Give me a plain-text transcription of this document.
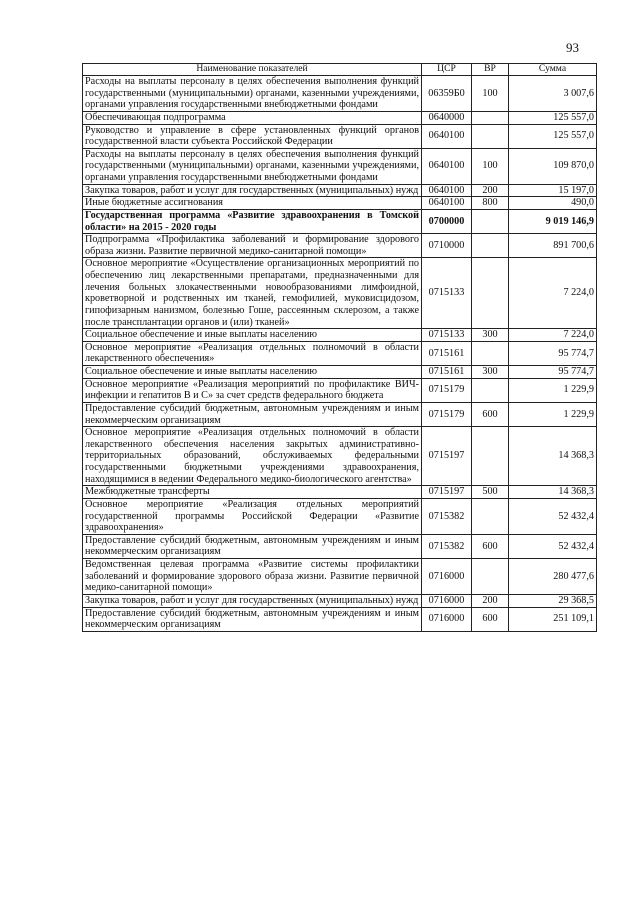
93
Наименование показателей	ЦСР	ВР	Сумма
Расходы на выплаты персоналу в целях обеспечения выполнения функций государственными (муниципальными) органами, казенными учреждениями, органами управления государственными внебюджетными фондами	06359Б0	100	3 007,6
Обеспечивающая подпрограмма	0640000		125 557,0
Руководство и управление в сфере установленных функций органов государственной власти субъекта Российской Федерации	0640100		125 557,0
Расходы на выплаты персоналу в целях обеспечения выполнения функций государственными (муниципальными) органами, казенными учреждениями, органами управления государственными внебюджетными фондами	0640100	100	109 870,0
Закупка товаров, работ и услуг для государственных (муниципальных) нужд	0640100	200	15 197,0
Иные бюджетные ассигнования	0640100	800	490,0
Государственная программа «Развитие здравоохранения в Томской области» на 2015 - 2020 годы	0700000		9 019 146,9
Подпрограмма «Профилактика заболеваний и формирование здорового образа жизни. Развитие первичной медико-санитарной помощи»	0710000		891 700,6
Основное мероприятие «Осуществление организационных мероприятий по обеспечению лиц лекарственными препаратами, предназначенными для лечения больных злокачественными новообразованиями лимфоидной, кроветворной и родственных им тканей, гемофилией, муковисцидозом, гипофизарным нанизмом, болезнью Гоше, рассеянным склерозом, а также после трансплантации органов и (или) тканей»	0715133		7 224,0
Социальное обеспечение и иные выплаты населению	0715133	300	7 224,0
Основное мероприятие «Реализация отдельных полномочий в области лекарственного обеспечения»	0715161		95 774,7
Социальное обеспечение и иные выплаты населению	0715161	300	95 774,7
Основное мероприятие «Реализация мероприятий по профилактике ВИЧ-инфекции и гепатитов В и С» за счет средств федерального бюджета	0715179		1 229,9
Предоставление субсидий бюджетным, автономным учреждениям и иным некоммерческим организациям	0715179	600	1 229,9
Основное мероприятие «Реализация отдельных полномочий в области лекарственного обеспечения населения закрытых административно-территориальных образований, обслуживаемых федеральными государственными бюджетными учреждениями здравоохранения, находящимися в ведении Федерального медико-биологического агентства»	0715197		14 368,3
Межбюджетные трансферты	0715197	500	14 368,3
Основное мероприятие «Реализация отдельных мероприятий государственной программы Российской Федерации «Развитие здравоохранения»	0715382		52 432,4
Предоставление субсидий бюджетным, автономным учреждениям и иным некоммерческим организациям	0715382	600	52 432,4
Ведомственная целевая программа «Развитие системы профилактики заболеваний и формирование здорового образа жизни. Развитие первичной медико-санитарной помощи»	0716000		280 477,6
Закупка товаров, работ и услуг для государственных (муниципальных) нужд	0716000	200	29 368,5
Предоставление субсидий бюджетным, автономным учреждениям и иным некоммерческим организациям	0716000	600	251 109,1
